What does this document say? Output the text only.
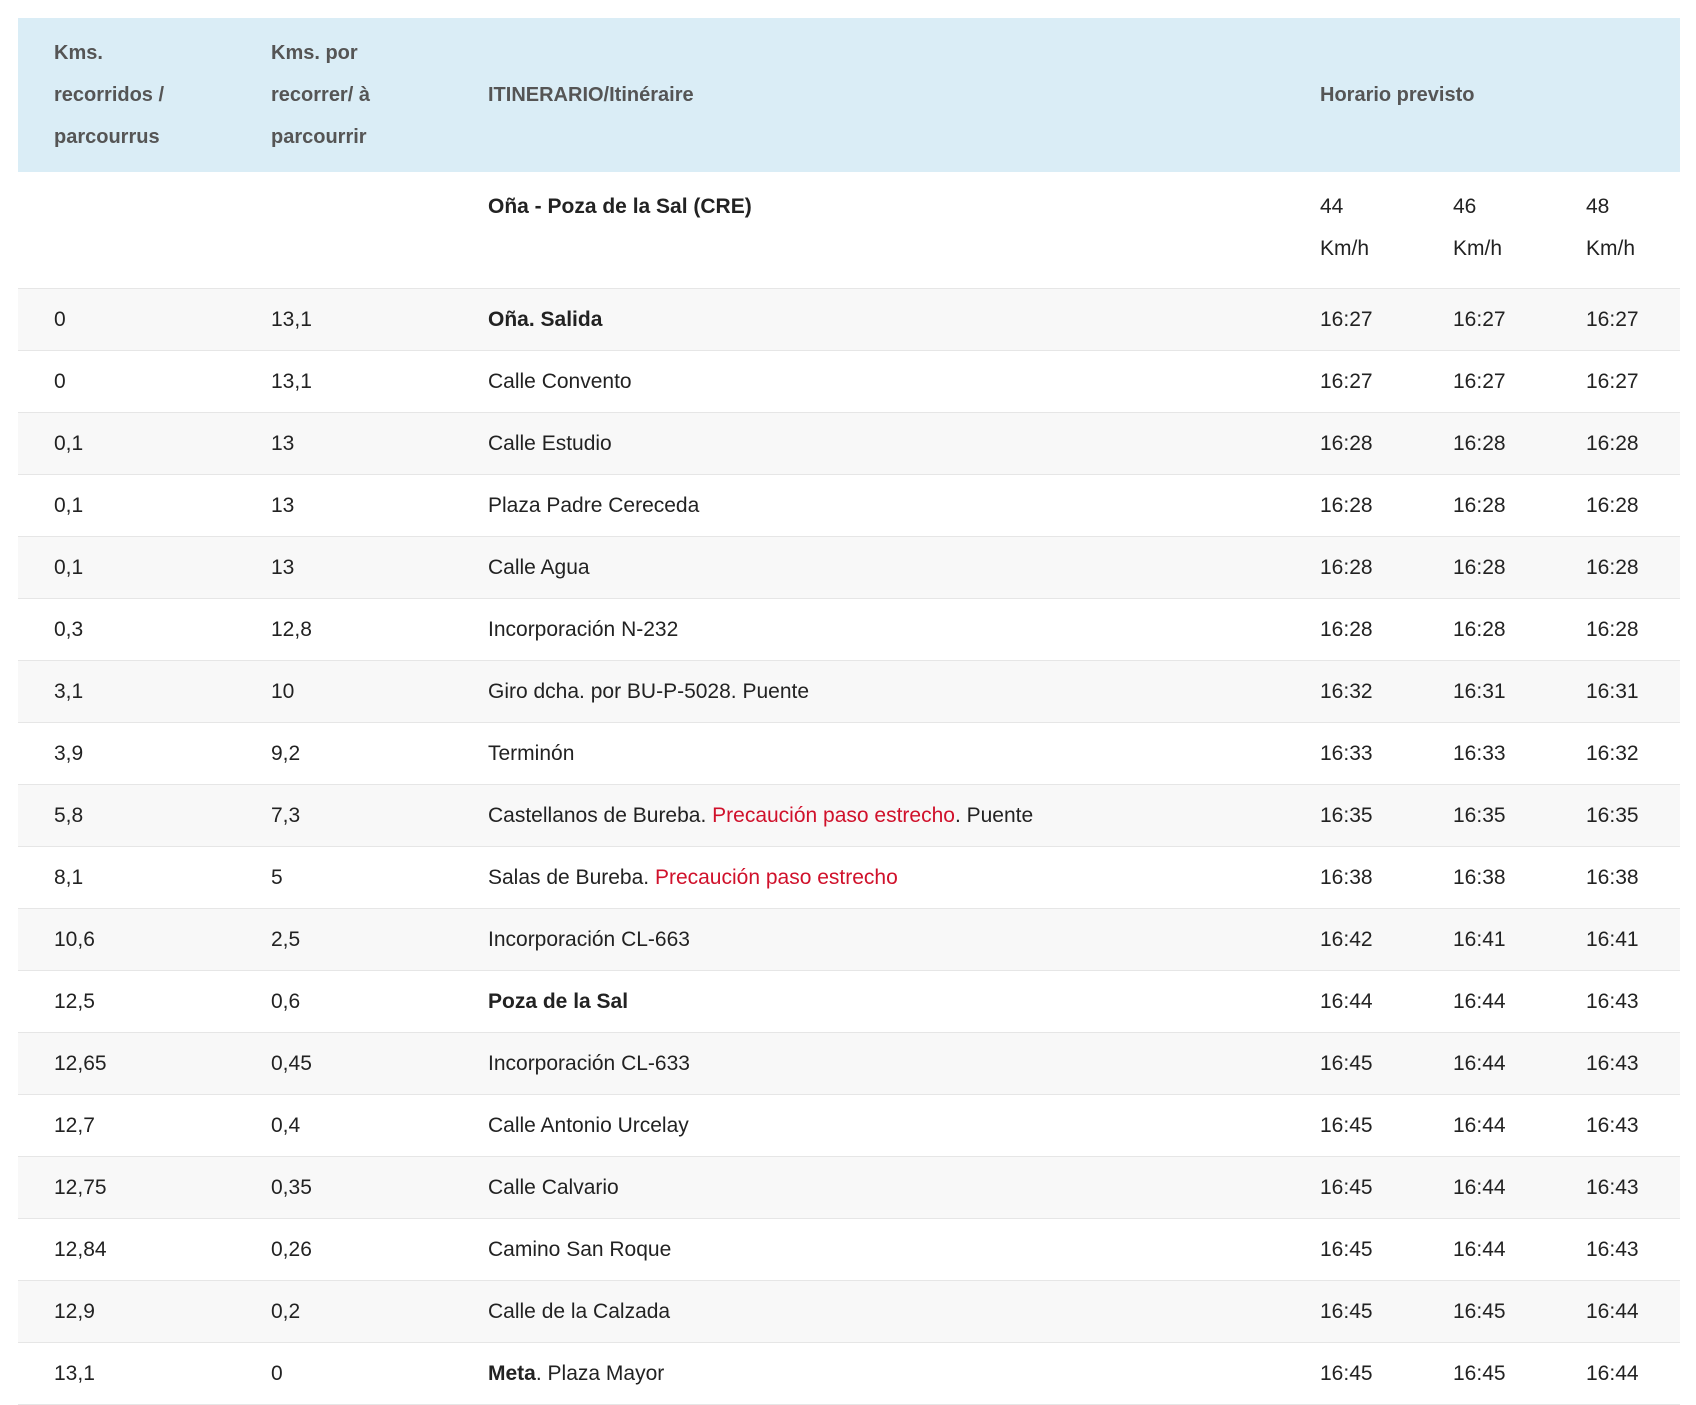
Kms. recorridos / parcourrus	Kms. por recorrer/ à parcourrir	ITINERARIO/Itinéraire	Horario previsto		
		Oña - Poza de la Sal (CRE)	44 Km/h	46 Km/h	48 Km/h
0	13,1	Oña. Salida	16:27	16:27	16:27
0	13,1	Calle Convento	16:27	16:27	16:27
0,1	13	Calle Estudio	16:28	16:28	16:28
0,1	13	Plaza Padre Cereceda	16:28	16:28	16:28
0,1	13	Calle Agua	16:28	16:28	16:28
0,3	12,8	Incorporación N-232	16:28	16:28	16:28
3,1	10	Giro dcha. por BU-P-5028. Puente	16:32	16:31	16:31
3,9	9,2	Terminón	16:33	16:33	16:32
5,8	7,3	Castellanos de Bureba. Precaución paso estrecho. Puente	16:35	16:35	16:35
8,1	5	Salas de Bureba. Precaución paso estrecho	16:38	16:38	16:38
10,6	2,5	Incorporación CL-663	16:42	16:41	16:41
12,5	0,6	Poza de la Sal	16:44	16:44	16:43
12,65	0,45	Incorporación CL-633	16:45	16:44	16:43
12,7	0,4	Calle Antonio Urcelay	16:45	16:44	16:43
12,75	0,35	Calle Calvario	16:45	16:44	16:43
12,84	0,26	Camino San Roque	16:45	16:44	16:43
12,9	0,2	Calle de la Calzada	16:45	16:45	16:44
13,1	0	Meta. Plaza Mayor	16:45	16:45	16:44
